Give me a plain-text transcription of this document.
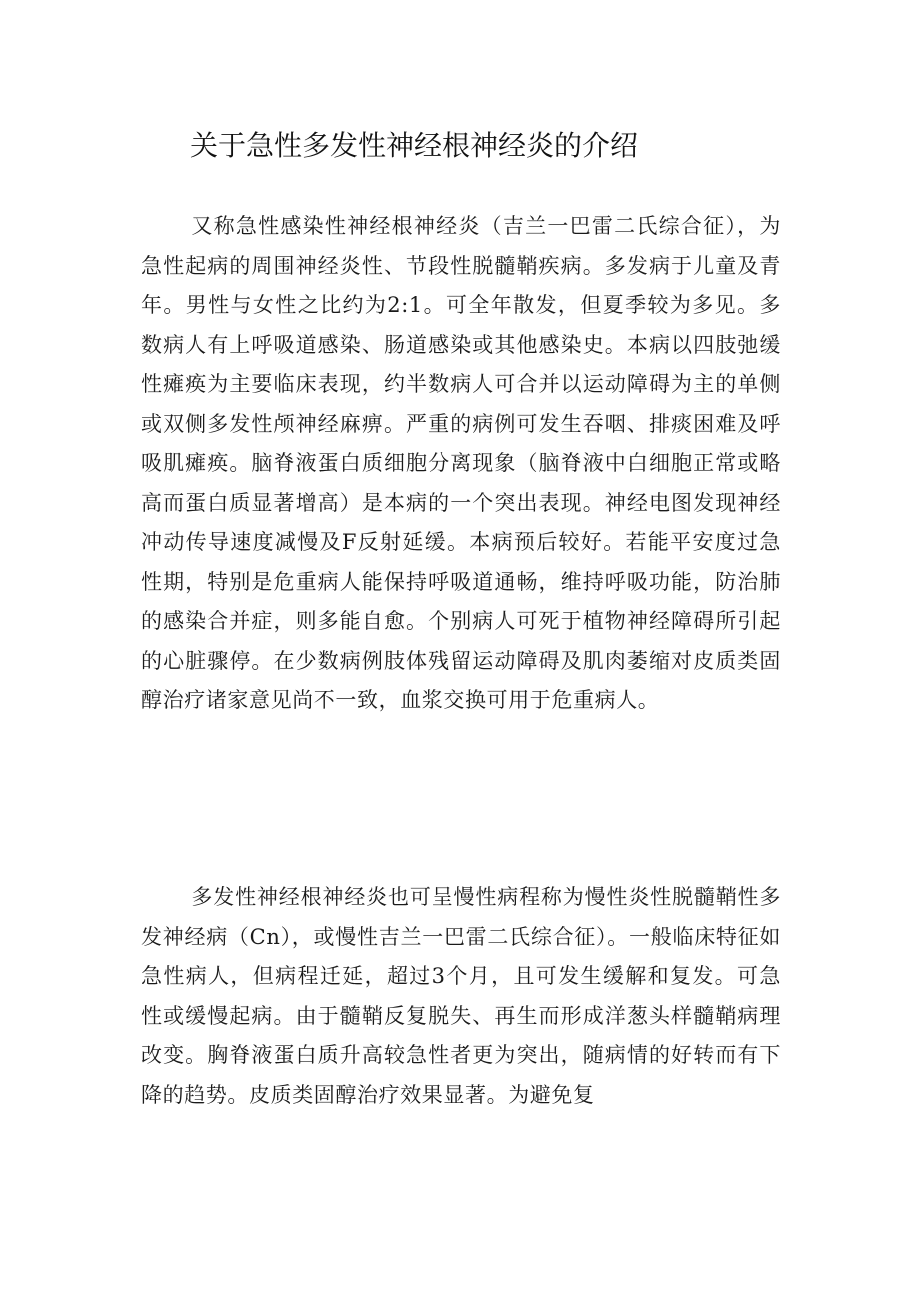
关于急性多发性神经根神经炎的介绍

又称急性感染性神经根神经炎（吉兰一巴雷二氏综合征），为急性起病的周围神经炎性、节段性脱髓鞘疾病。多发病于儿童及青年。男性与女性之比约为2:1。可全年散发，但夏季较为多见。多数病人有上呼吸道感染、肠道感染或其他感染史。本病以四肢弛缓性瘫痪为主要临床表现，约半数病人可合并以运动障碍为主的单侧或双侧多发性颅神经麻痹。严重的病例可发生吞咽、排痰困难及呼吸肌瘫痪。脑脊液蛋白质细胞分离现象（脑脊液中白细胞正常或略高而蛋白质显著增高）是本病的一个突出表现。神经电图发现神经冲动传导速度减慢及F反射延缓。本病预后较好。若能平安度过急性期，特别是危重病人能保持呼吸道通畅，维持呼吸功能，防治肺的感染合并症，则多能自愈。个别病人可死于植物神经障碍所引起的心脏骤停。在少数病例肢体残留运动障碍及肌肉萎缩对皮质类固醇治疗诸家意见尚不一致，血浆交换可用于危重病人。

多发性神经根神经炎也可呈慢性病程称为慢性炎性脱髓鞘性多发神经病（Cn），或慢性吉兰一巴雷二氏综合征）。一般临床特征如急性病人，但病程迁延，超过3个月，且可发生缓解和复发。可急性或缓慢起病。由于髓鞘反复脱失、再生而形成洋葱头样髓鞘病理改变。胸脊液蛋白质升高较急性者更为突出，随病情的好转而有下降的趋势。皮质类固醇治疗效果显著。为避免复
